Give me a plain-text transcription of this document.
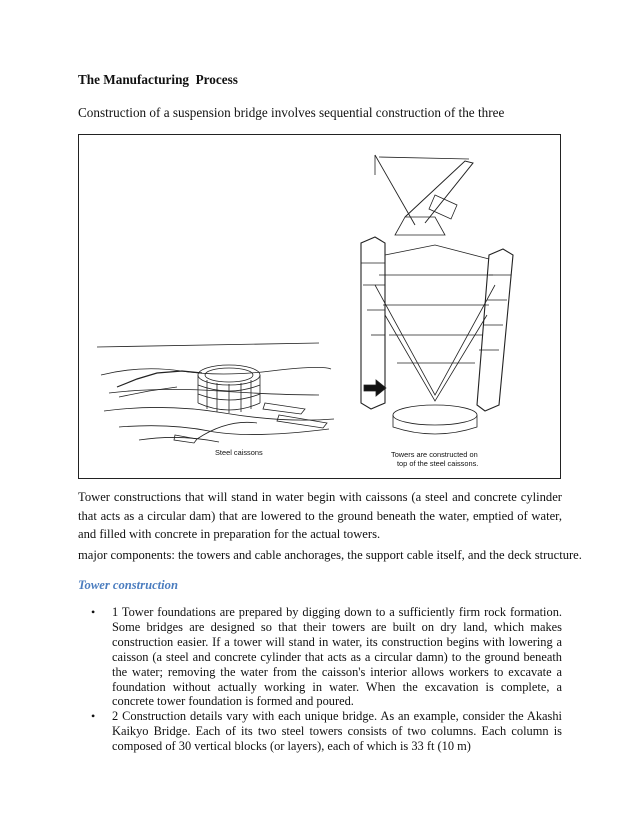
The Manufacturing  Process
Construction of a suspension bridge involves sequential construction of the three
Steel caissons	Towers are constructed on
top of the steel caissons.
Tower constructions that will stand in water begin with caissons (a steel and concrete cylinder that acts as a circular dam) that are lowered to the ground beneath the water, emptied of water, and filled with concrete in preparation for the actual towers.
major components: the towers and cable anchorages, the support cable itself, and the deck structure.
Tower construction
• 1 Tower foundations are prepared by digging down to a sufficiently firm rock formation. Some bridges are designed so that their towers are built on dry land, which makes construction easier. If a tower will stand in water, its construction begins with lowering a caisson (a steel and concrete cylinder that acts as a circular damn) to the ground beneath the water; removing the water from the caisson's interior allows workers to excavate a foundation without actually working in water. When the excavation is complete, a concrete tower foundation is formed and poured.
• 2 Construction details vary with each unique bridge. As an example, consider the Akashi Kaikyo Bridge. Each of its two steel towers consists of two columns. Each column is composed of 30 vertical blocks (or layers), each of which is 33 ft (10 m)
